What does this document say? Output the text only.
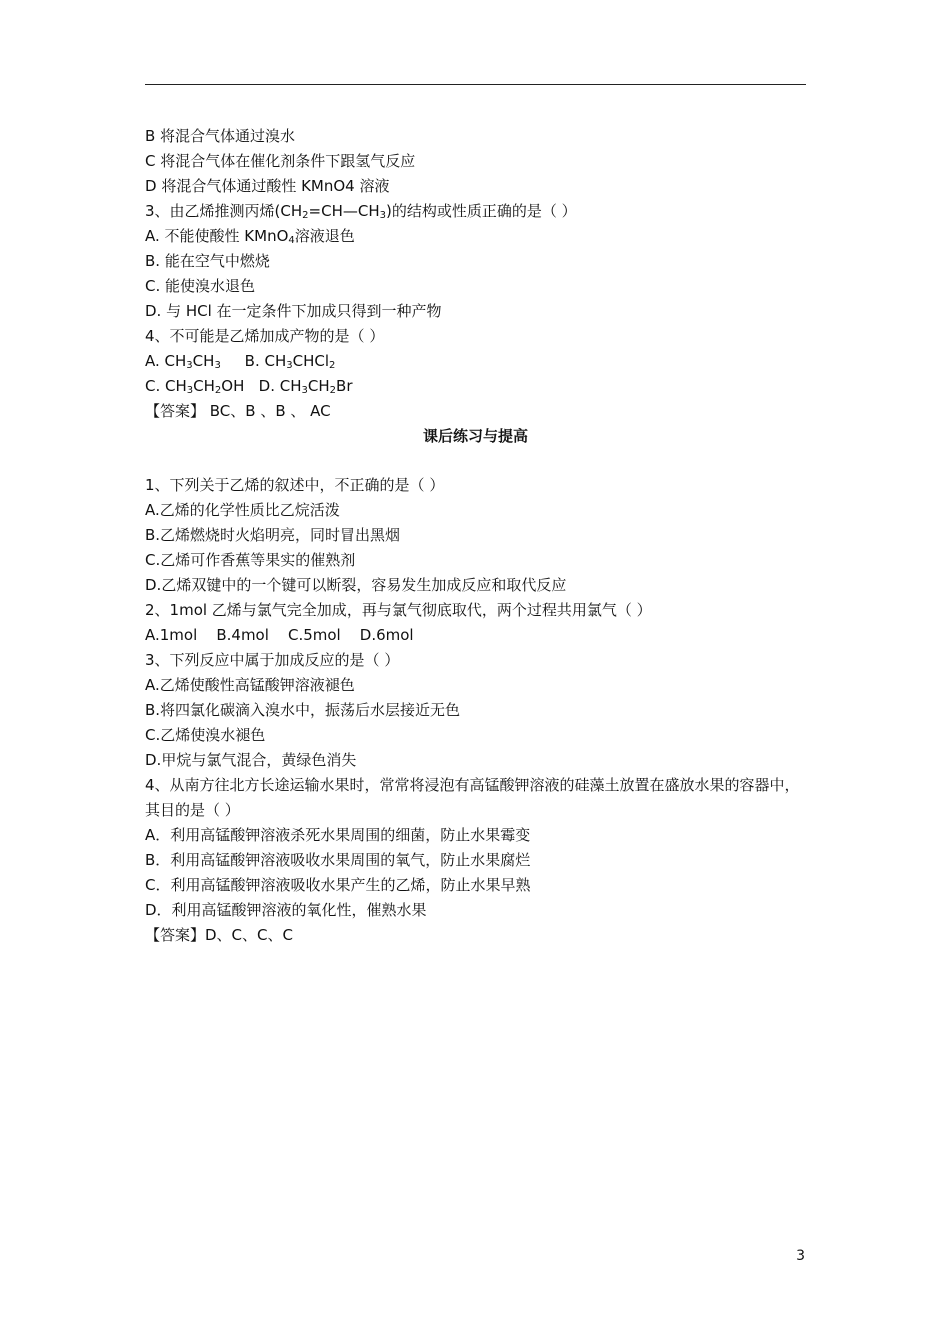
B 将混合气体通过溴水
C 将混合气体在催化剂条件下跟氢气反应
D 将混合气体通过酸性 KMnO4 溶液
3、由乙烯推测丙烯$(CH_2=CH—CH_3)$的结构或性质正确的是（ ）
A. 不能使酸性 KMnO$_4$溶液退色
B. 能在空气中燃烧
C. 能使溴水退色
D. 与 HCl 在一定条件下加成只得到一种产物
4、不可能是乙烯加成产物的是（ ）
A. $CH_3CH_3$     B. $CH_3CHCl_2$
C. $CH_3CH_2OH$   D. $CH_3CH_2Br$
【答案】 BC、B 、B 、 AC
课后练习与提高
1、下列关于乙烯的叙述中，不正确的是（ ）
A.乙烯的化学性质比乙烷活泼
B.乙烯燃烧时火焰明亮，同时冒出黑烟
C.乙烯可作香蕉等果实的催熟剂
D.乙烯双键中的一个键可以断裂，容易发生加成反应和取代反应
2、1mol 乙烯与氯气完全加成，再与氯气彻底取代，两个过程共用氯气（ ）
A.1mol    B.4mol    C.5mol    D.6mol
3、下列反应中属于加成反应的是（ ）
A.乙烯使酸性高锰酸钾溶液褪色
B.将四氯化碳滴入溴水中，振荡后水层接近无色
C.乙烯使溴水褪色
D.甲烷与氯气混合，黄绿色消失
4、从南方往北方长途运输水果时，常常将浸泡有高锰酸钾溶液的硅藻土放置在盛放水果的容器中，其目的是（ ）
A．利用高锰酸钾溶液杀死水果周围的细菌，防止水果霉变
B．利用高锰酸钾溶液吸收水果周围的氧气，防止水果腐烂
C．利用高锰酸钾溶液吸收水果产生的乙烯，防止水果早熟
D．利用高锰酸钾溶液的氧化性，催熟水果
【答案】D、C、C、C
3
